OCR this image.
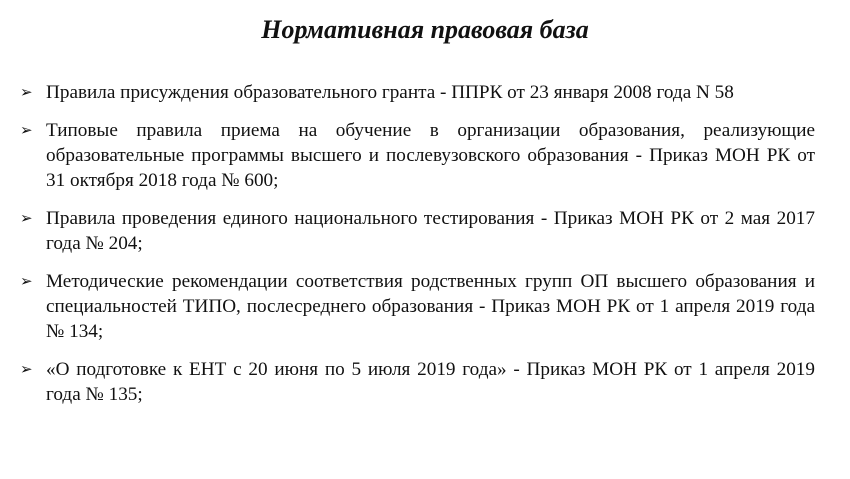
Нормативная правовая база
➢ Правила присуждения образовательного гранта - ППРК от 23 января 2008 года N 58
➢ Типовые правила приема на обучение в организации образования, реализующие образовательные программы высшего и послевузовского образования - Приказ МОН РК от 31 октября 2018 года № 600;
➢ Правила проведения единого национального тестирования - Приказ МОН РК от 2 мая 2017 года № 204;
➢ Методические рекомендации соответствия родственных групп ОП высшего образования и специальностей ТИПО, послесреднего образования - Приказ МОН РК от 1 апреля 2019 года № 134;
➢ «О подготовке к ЕНТ с 20 июня по 5 июля 2019 года» - Приказ МОН РК от 1 апреля 2019 года № 135;
